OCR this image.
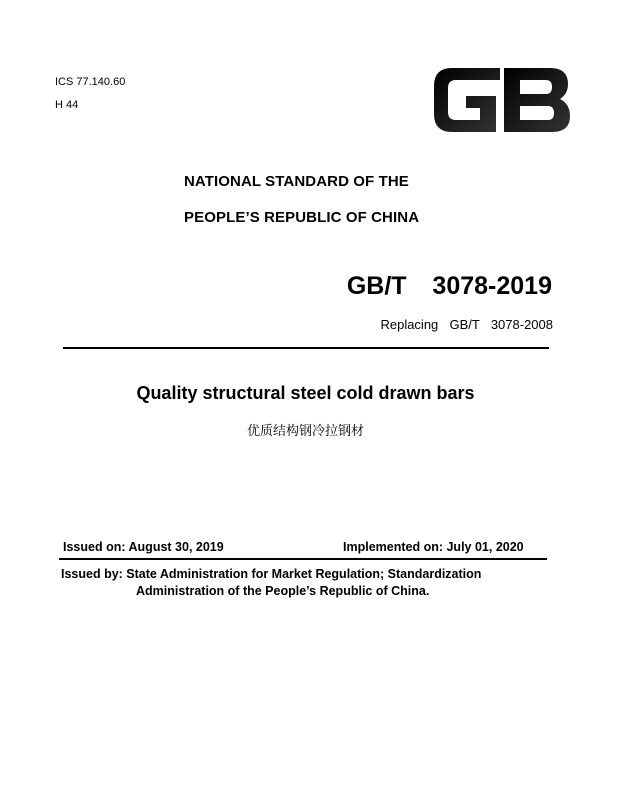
ICS 77.140.60
H 44
NATIONAL STANDARD OF THE
PEOPLE’S REPUBLIC OF CHINA
GB/T  3078-2019
Replacing  GB/T  3078-2008
Quality structural steel cold drawn bars
优质结构钢冷拉钢材
Issued on: August 30, 2019	Implemented on: July 01, 2020
Issued by: State Administration for Market Regulation; Standardization
Administration of the People’s Republic of China.
